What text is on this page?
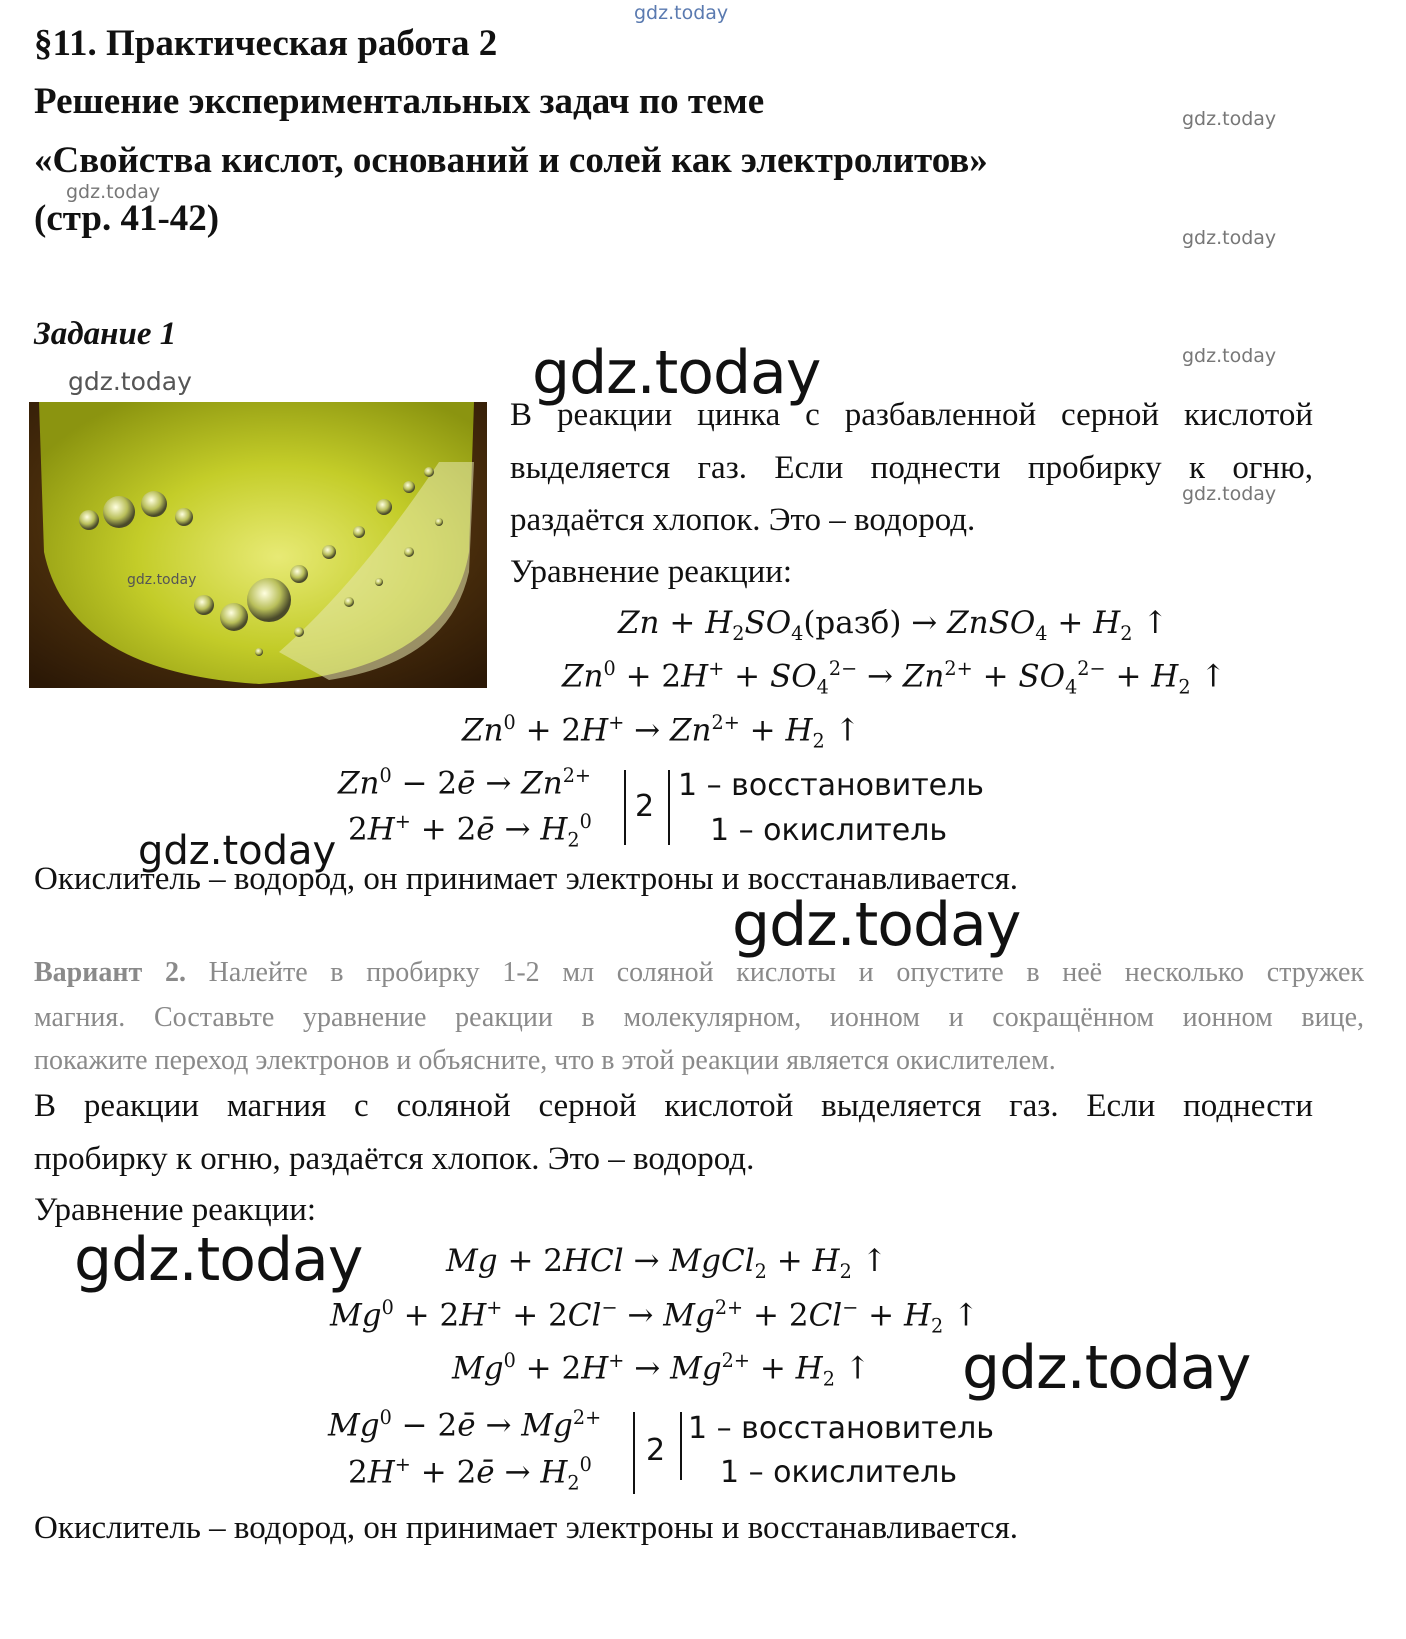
gdz.today
gdz.today
gdz.today
gdz.today
gdz.today
gdz.today
§11. Практическая работа 2
Решение экспериментальных задач по теме
«Свойства кислот, оснований и солей как электролитов»
(стр. 41-42)
Задание 1
gdz.today	gdz.today
gdz.today
В реакции цинка с разбавленной серной кислотой
выделяется газ. Если поднести пробирку к огню,
раздаётся хлопок. Это – водород.
Уравнение реакции:
$Zn + H_2SO_4(разб)$ → ZnSO$_4$ + $H_2$ ↑
$Zn^0 + 2H^+ + SO_4^{2-} \to Zn^{2+} + SO_4^{2-} + H_2$ ↑
$Zn^0 + 2H^+ \to Zn^{2+} + H_2$ ↑
$Zn^0$ − 2ē → $Zn^{2+}$
2H+ + 2ē → $H_2^0$ 2
1 – восстановитель
1 – окислитель
gdz.today
Окислитель – водород, он принимает электроны и восстанавливается.
gdz.today
Вариант 2. Налейте в пробирку 1-2 мл соляной кислоты и опустите в неё несколько стружек
магния. Составьте уравнение реакции в молекулярном, ионном и сокращённом ионном вице,
покажите переход электронов и объясните, что в этой реакции является окислителем.
В реакции магния с соляной серной кислотой выделяется газ. Если поднести
пробирку к огню, раздаётся хлопок. Это – водород.
Уравнение реакции:
gdz.today	Mg + 2HCl → MgCl$_2$ + $H_2$ ↑
$Mg^0 + 2H^+ + 2Cl^- \to Mg^{2+} + 2Cl^- + H_2$ ↑
$Mg^0 + 2H^+ \to Mg^{2+} + H_2$ ↑ gdz.today
$Mg^0$ − 2ē → $Mg^{2+}$
2H+ + 2ē → $H_2^0$ 2
1 – восстановитель
1 – окислитель
Окислитель – водород, он принимает электроны и восстанавливается.
